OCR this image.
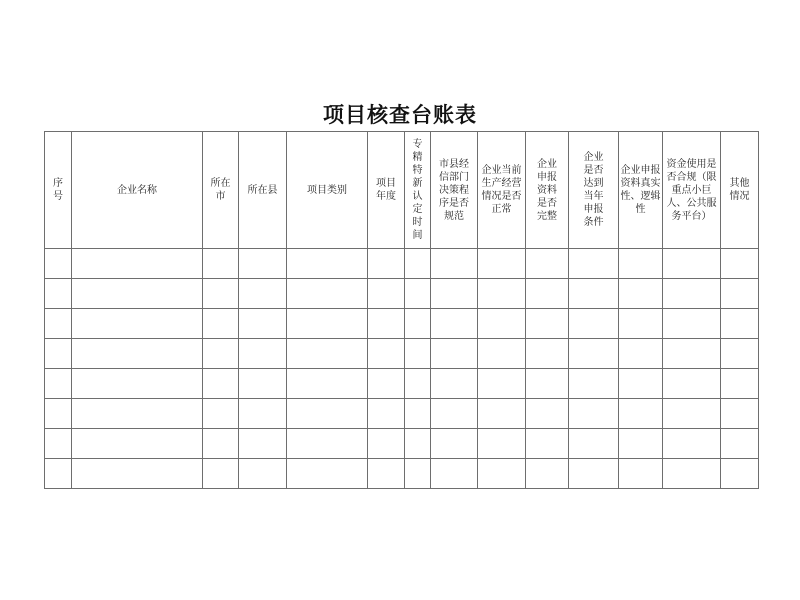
项目核查台账表
序号	企业名称	所在市	所在县	项目类别	项目年度	专精特新认定时间	市县经信部门决策程序是否规范	企业当前生产经营情况是否正常	企业申报资料是否完整	企业是否达到当年申报条件	企业申报资料真实性、逻辑性	资金使用是否合规（限重点小巨人、公共服务平台）	其他情况
